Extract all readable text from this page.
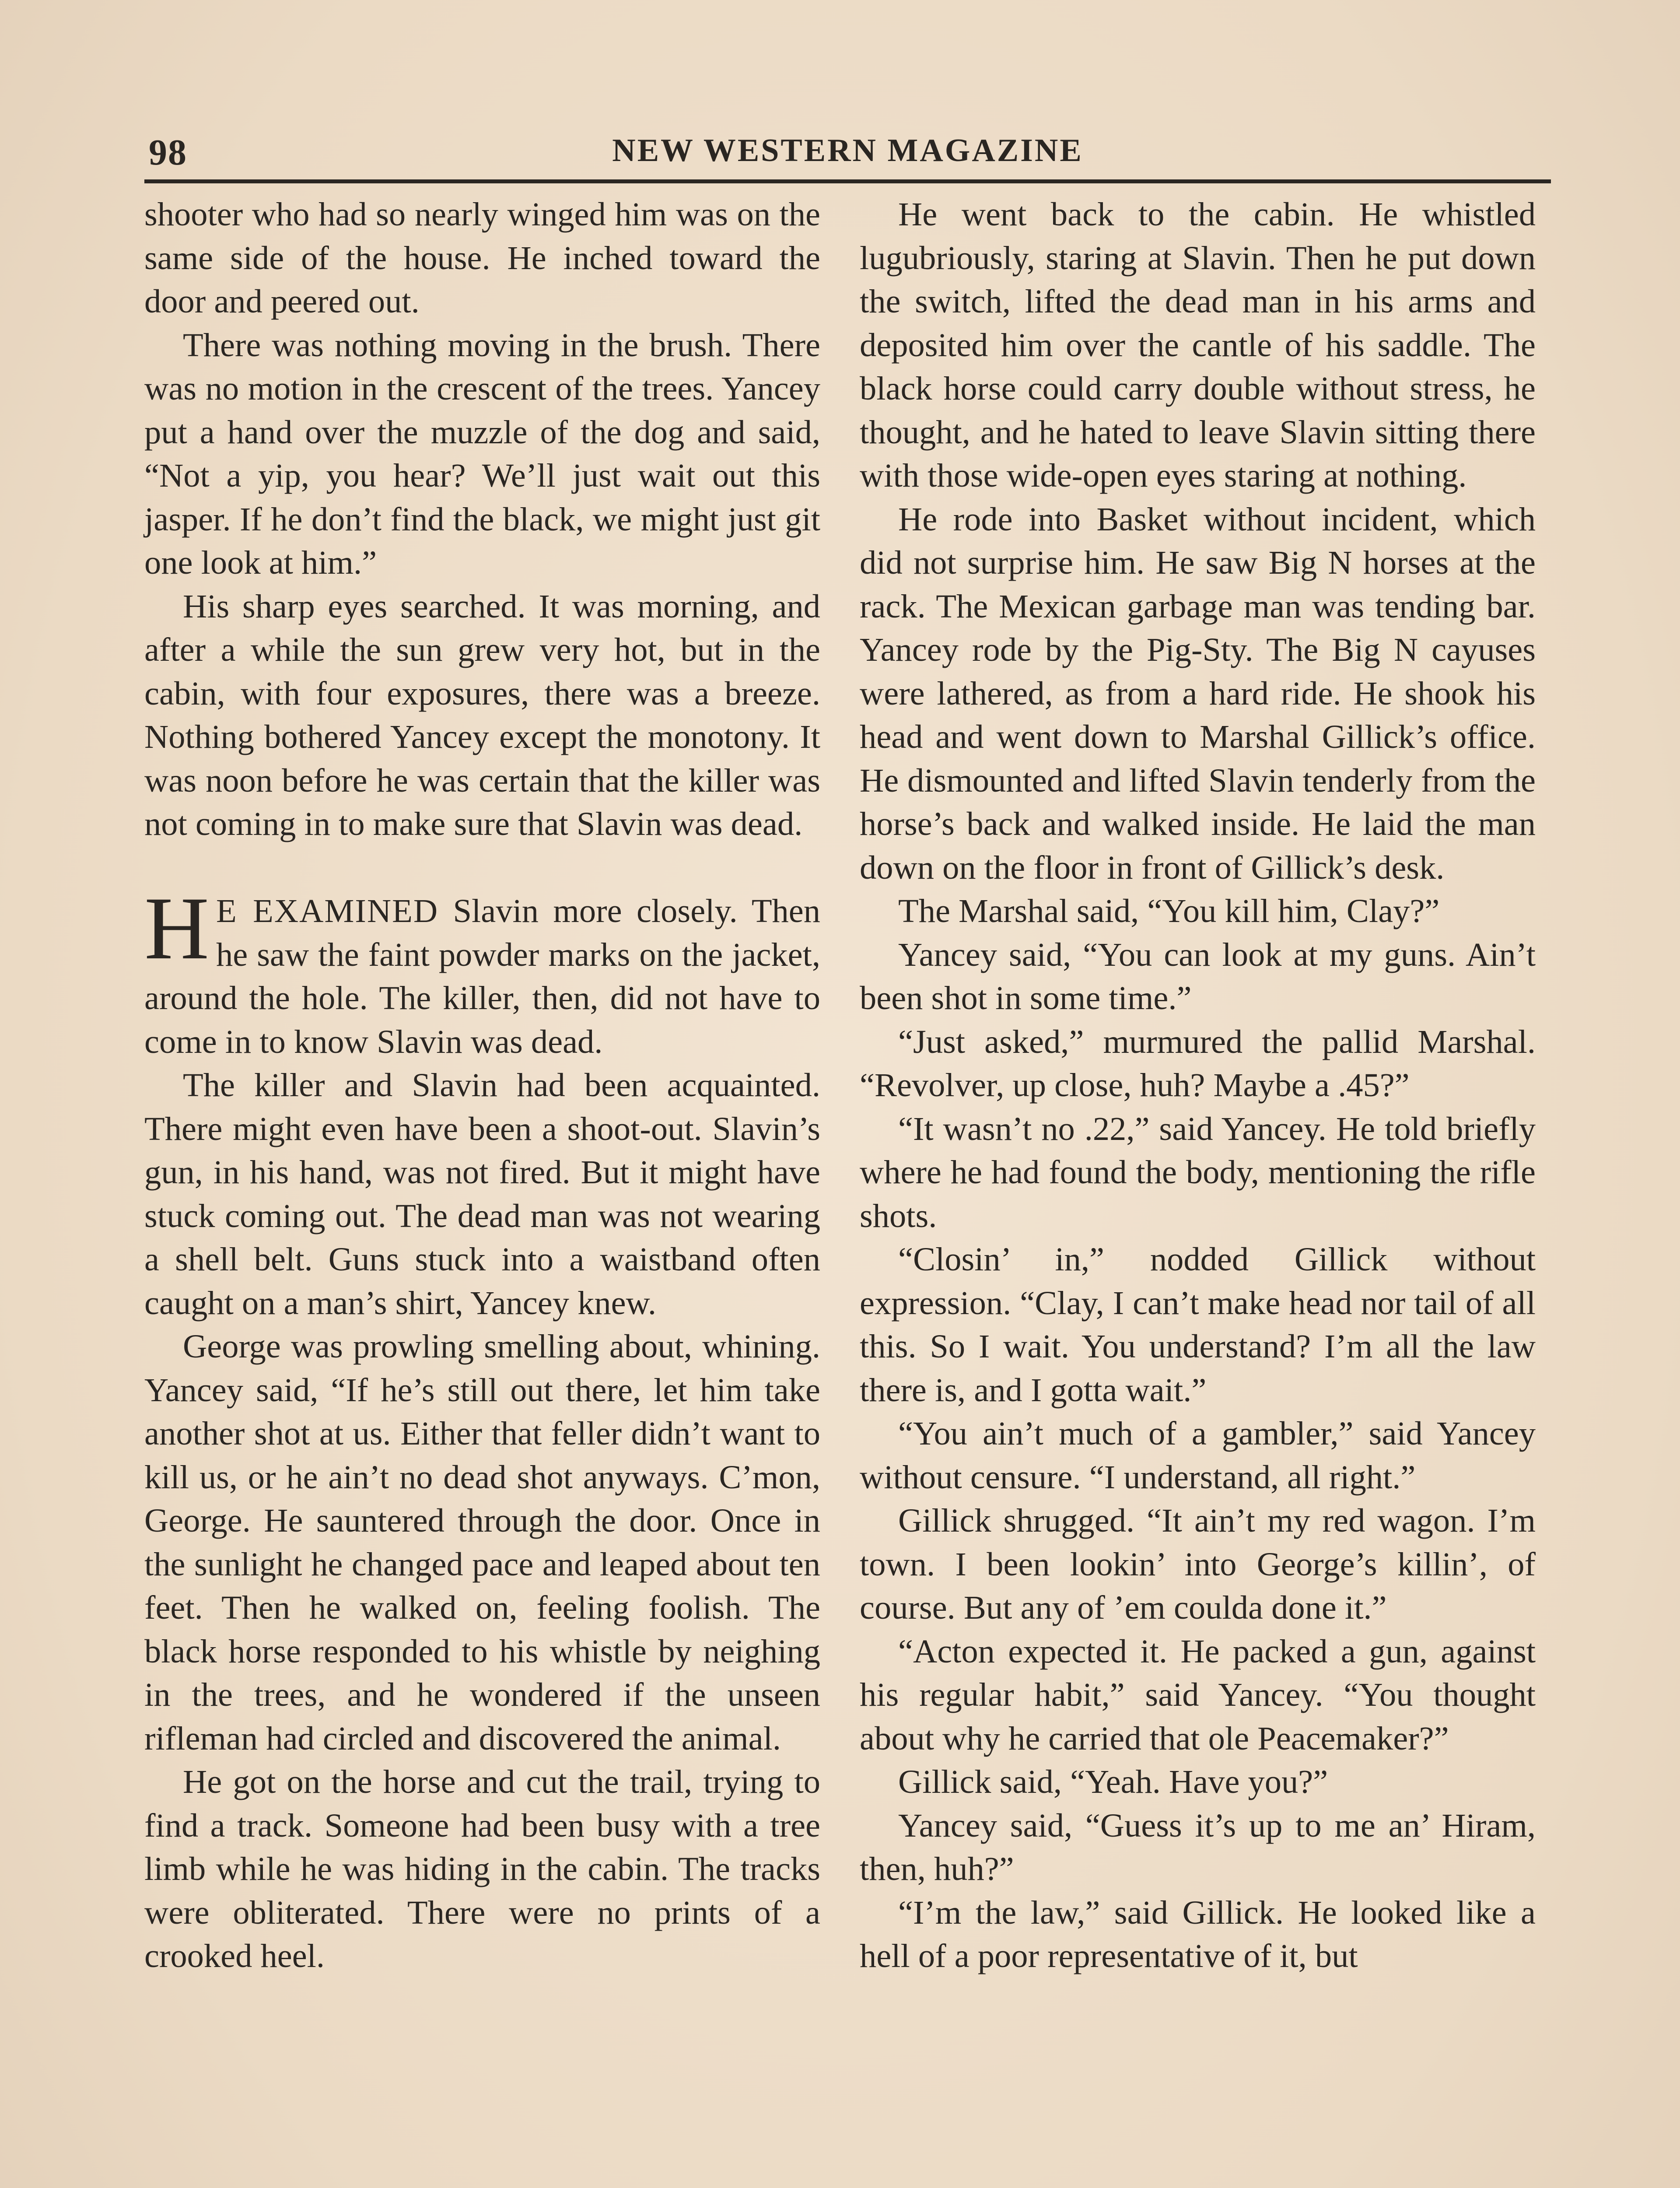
98	NEW WESTERN MAGAZINE

shooter who had so nearly winged him was on the same side of the house. He inched toward the door and peered out.

There was nothing moving in the brush. There was no motion in the crescent of the trees. Yancey put a hand over the muzzle of the dog and said, “Not a yip, you hear? We’ll just wait out this jasper. If he don’t find the black, we might just git one look at him.”

His sharp eyes searched. It was morning, and after a while the sun grew very hot, but in the cabin, with four exposures, there was a breeze. Nothing bothered Yancey except the monotony. It was noon before he was certain that the killer was not coming in to make sure that Slavin was dead.

H E EXAMINED Slavin more closely. Then he saw the faint powder marks on the jacket, around the hole. The killer, then, did not have to come in to know Slavin was dead.

The killer and Slavin had been acquainted. There might even have been a shoot-out. Slavin’s gun, in his hand, was not fired. But it might have stuck coming out. The dead man was not wearing a shell belt. Guns stuck into a waistband often caught on a man’s shirt, Yancey knew.

George was prowling smelling about, whining. Yancey said, “If he’s still out there, let him take another shot at us. Either that feller didn’t want to kill us, or he ain’t no dead shot anyways. C’mon, George. He sauntered through the door. Once in the sunlight he changed pace and leaped about ten feet. Then he walked on, feeling foolish. The black horse responded to his whistle by neighing in the trees, and he wondered if the unseen rifleman had circled and discovered the animal.

He got on the horse and cut the trail, trying to find a track. Someone had been busy with a tree limb while he was hiding in the cabin. The tracks were obliterated. There were no prints of a crooked heel.

He went back to the cabin. He whistled lugubriously, staring at Slavin. Then he put down the switch, lifted the dead man in his arms and deposited him over the cantle of his saddle. The black horse could carry double without stress, he thought, and he hated to leave Slavin sitting there with those wide-open eyes staring at nothing.

He rode into Basket without incident, which did not surprise him. He saw Big N horses at the rack. The Mexican garbage man was tending bar. Yancey rode by the Pig-Sty. The Big N cayuses were lathered, as from a hard ride. He shook his head and went down to Marshal Gillick’s office. He dismounted and lifted Slavin tenderly from the horse’s back and walked inside. He laid the man down on the floor in front of Gillick’s desk.

The Marshal said, “You kill him, Clay?”

Yancey said, “You can look at my guns. Ain’t been shot in some time.”

“Just asked,” murmured the pallid Marshal. “Revolver, up close, huh? Maybe a .45?”

“It wasn’t no .22,” said Yancey. He told briefly where he had found the body, mentioning the rifle shots.

“Closin’ in,” nodded Gillick without expression. “Clay, I can’t make head nor tail of all this. So I wait. You understand? I’m all the law there is, and I gotta wait.”

“You ain’t much of a gambler,” said Yancey without censure. “I understand, all right.”

Gillick shrugged. “It ain’t my red wagon. I’m town. I been lookin’ into George’s killin’, of course. But any of ’em coulda done it.”

“Acton expected it. He packed a gun, against his regular habit,” said Yancey. “You thought about why he carried that ole Peacemaker?”

Gillick said, “Yeah. Have you?”

Yancey said, “Guess it’s up to me an’ Hiram, then, huh?”

“I’m the law,” said Gillick. He looked like a hell of a poor representative of it, but
